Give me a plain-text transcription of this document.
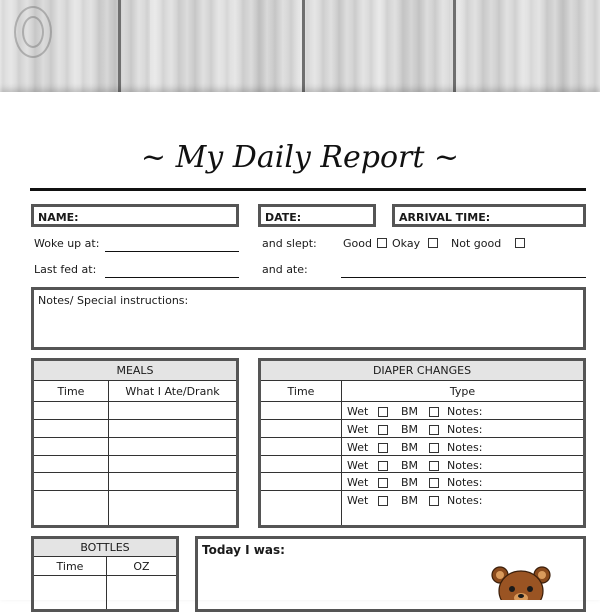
~ My Daily Report ~
NAME:	DATE:	ARRIVAL TIME:
Woke up at:	and slept: Good Okay	Not good
Last fed at:	and ate:
Notes/ Special instructions:
MEALS	
Time	What I Ate/Drank

DIAPER CHANGES	
Time	Type

	Wet BM Notes:

	Wet BM Notes:

	Wet BM Notes:

	Wet BM Notes:

	Wet BM Notes:

	Wet BM Notes:
BOTTLES	
Time	OZ

Today I was:
